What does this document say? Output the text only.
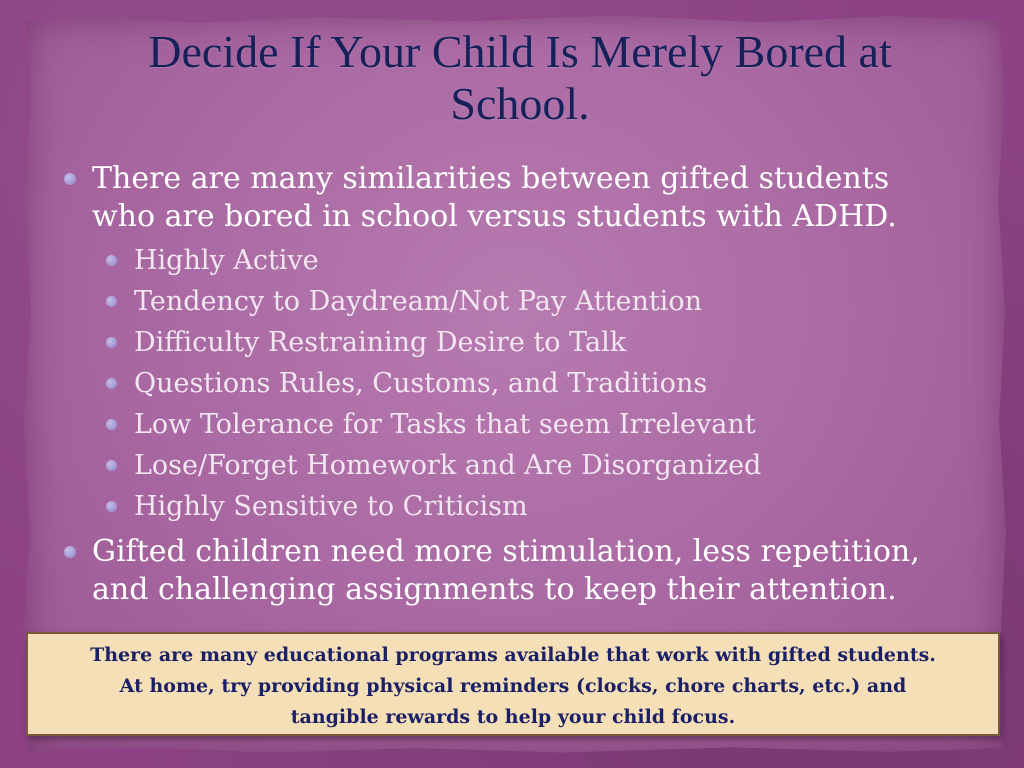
Decide If Your Child Is Merely Bored at
School.
There are many similarities between gifted students
who are bored in school versus students with ADHD.
Highly Active
Tendency to Daydream/Not Pay Attention
Difficulty Restraining Desire to Talk
Questions Rules, Customs, and Traditions
Low Tolerance for Tasks that seem Irrelevant
Lose/Forget Homework and Are Disorganized
Highly Sensitive to Criticism
Gifted children need more stimulation, less repetition,
and challenging assignments to keep their attention.
There are many educational programs available that work with gifted students.
At home, try providing physical reminders (clocks, chore charts, etc.) and
tangible rewards to help your child focus.
